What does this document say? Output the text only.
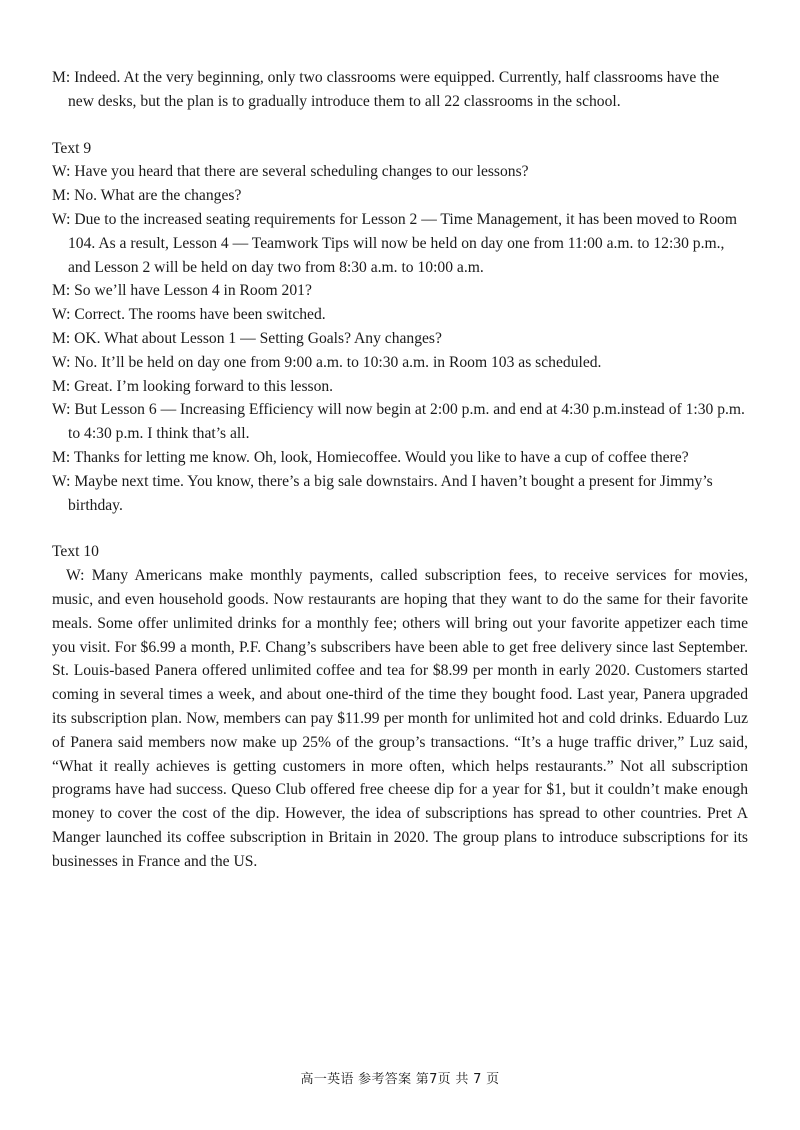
M: Indeed. At the very beginning, only two classrooms were equipped. Currently, half classrooms have the new desks, but the plan is to gradually introduce them to all 22 classrooms in the school.

Text 9

W: Have you heard that there are several scheduling changes to our lessons?

M: No. What are the changes?

W: Due to the increased seating requirements for Lesson 2 — Time Management, it has been moved to Room 104. As a result, Lesson 4 — Teamwork Tips will now be held on day one from 11:00 a.m. to 12:30 p.m., and Lesson 2 will be held on day two from 8:30 a.m. to 10:00 a.m.

M: So we’ll have Lesson 4 in Room 201?

W: Correct. The rooms have been switched.

M: OK. What about Lesson 1 — Setting Goals? Any changes?

W: No. It’ll be held on day one from 9:00 a.m. to 10:30 a.m. in Room 103 as scheduled.

M: Great. I’m looking forward to this lesson.

W: But Lesson 6 — Increasing Efficiency will now begin at 2:00 p.m. and end at 4:30 p.m.instead of 1:30 p.m. to 4:30 p.m. I think that’s all.

M: Thanks for letting me know. Oh, look, Homiecoffee. Would you like to have a cup of coffee there?

W: Maybe next time. You know, there’s a big sale downstairs. And I haven’t bought a present for Jimmy’s birthday.

Text 10

W: Many Americans make monthly payments, called subscription fees, to receive services for movies, music, and even household goods. Now restaurants are hoping that they want to do the same for their favorite meals. Some offer unlimited drinks for a monthly fee; others will bring out your favorite appetizer each time you visit. For $6.99 a month, P.F. Chang’s subscribers have been able to get free delivery since last September. St. Louis-based Panera offered unlimited coffee and tea for $8.99 per month in early 2020. Customers started coming in several times a week, and about one-third of the time they bought food. Last year, Panera upgraded its subscription plan. Now, members can pay $11.99 per month for unlimited hot and cold drinks. Eduardo Luz of Panera said members now make up 25% of the group’s transactions. “It’s a huge traffic driver,” Luz said, “What it really achieves is getting customers in more often, which helps restaurants.” Not all subscription programs have had success. Queso Club offered free cheese dip for a year for $1, but it couldn’t make enough money to cover the cost of the dip. However, the idea of subscriptions has spread to other countries. Pret A Manger launched its coffee subscription in Britain in 2020. The group plans to introduce subscriptions for its businesses in France and the US.

高一英语 参考答案 第7页 共 7 页
